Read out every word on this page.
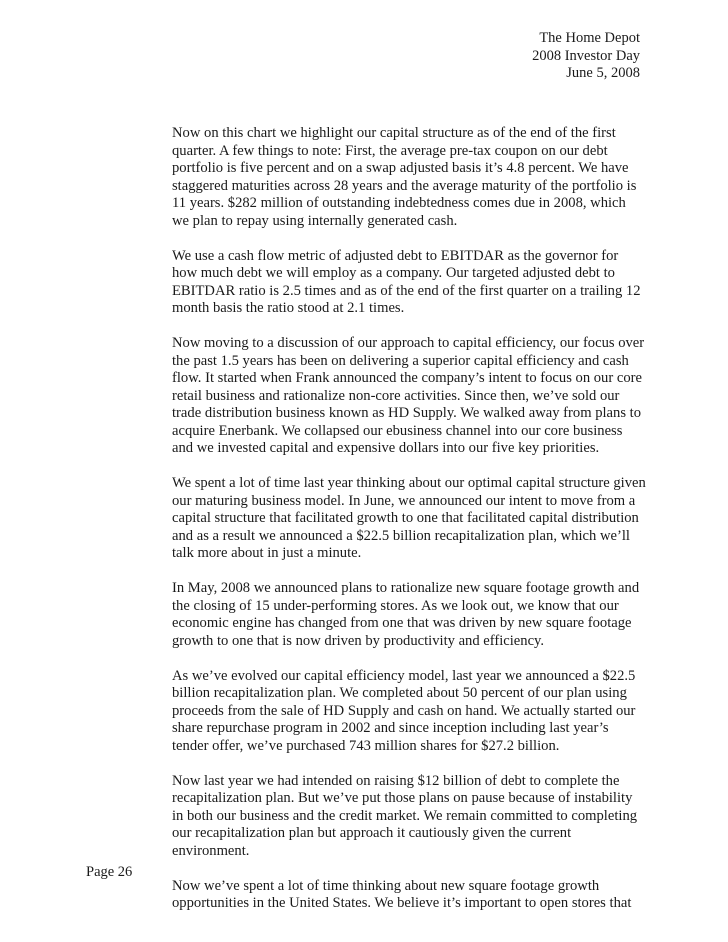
The Home Depot
2008 Investor Day
June 5, 2008

Now on this chart we highlight our capital structure as of the end of the first quarter. A few things to note: First, the average pre-tax coupon on our debt portfolio is five percent and on a swap adjusted basis it’s 4.8 percent. We have staggered maturities across 28 years and the average maturity of the portfolio is 11 years. $282 million of outstanding indebtedness comes due in 2008, which we plan to repay using internally generated cash.

We use a cash flow metric of adjusted debt to EBITDAR as the governor for how much debt we will employ as a company. Our targeted adjusted debt to EBITDAR ratio is 2.5 times and as of the end of the first quarter on a trailing 12 month basis the ratio stood at 2.1 times.

Now moving to a discussion of our approach to capital efficiency, our focus over the past 1.5 years has been on delivering a superior capital efficiency and cash flow. It started when Frank announced the company’s intent to focus on our core retail business and rationalize non-core activities. Since then, we’ve sold our trade distribution business known as HD Supply. We walked away from plans to acquire Enerbank. We collapsed our ebusiness channel into our core business and we invested capital and expensive dollars into our five key priorities.

We spent a lot of time last year thinking about our optimal capital structure given our maturing business model. In June, we announced our intent to move from a capital structure that facilitated growth to one that facilitated capital distribution and as a result we announced a $22.5 billion recapitalization plan, which we’ll talk more about in just a minute.

In May, 2008 we announced plans to rationalize new square footage growth and the closing of 15 under-performing stores. As we look out, we know that our economic engine has changed from one that was driven by new square footage growth to one that is now driven by productivity and efficiency.

As we’ve evolved our capital efficiency model, last year we announced a $22.5 billion recapitalization plan. We completed about 50 percent of our plan using proceeds from the sale of HD Supply and cash on hand. We actually started our share repurchase program in 2002 and since inception including last year’s tender offer, we’ve purchased 743 million shares for $27.2 billion.

Now last year we had intended on raising $12 billion of debt to complete the recapitalization plan. But we’ve put those plans on pause because of instability in both our business and the credit market. We remain committed to completing our recapitalization plan but approach it cautiously given the current environment.

Now we’ve spent a lot of time thinking about new square footage growth opportunities in the United States. We believe it’s important to open stores that

Page 26
